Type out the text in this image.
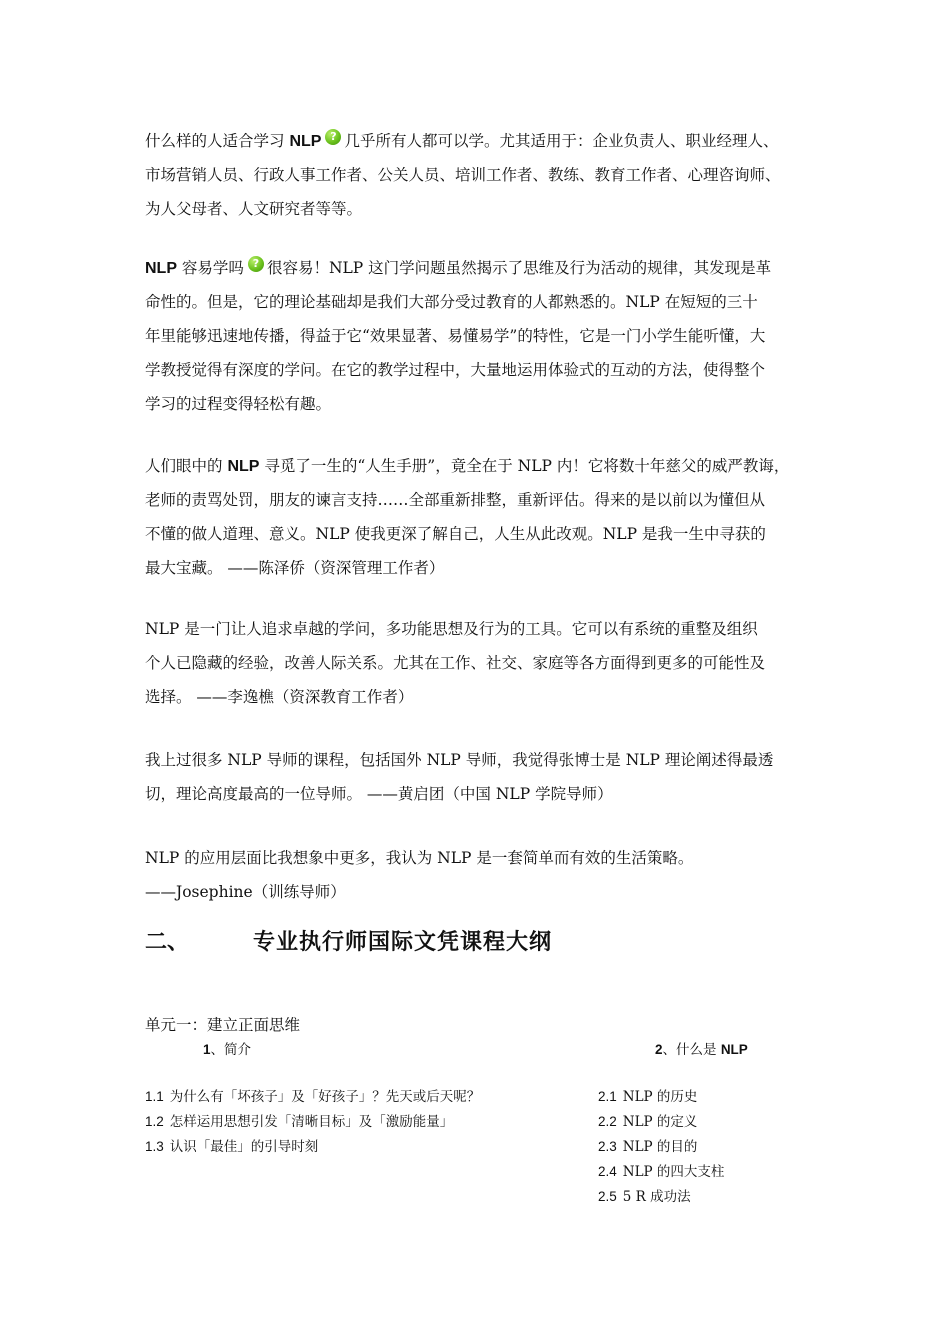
什么样的人适合学习 NLP ? 几乎所有人都可以学。尤其适用于：企业负责人、职业经理人、
市场营销人员、行政人事工作者、公关人员、培训工作者、教练、教育工作者、心理咨询师、
为人父母者、人文研究者等等。
NLP 容易学吗 ? 很容易！NLP 这门学问题虽然揭示了思维及行为活动的规律，其发现是革
命性的。但是，它的理论基础却是我们大部分受过教育的人都熟悉的。NLP 在短短的三十
年里能够迅速地传播，得益于它“效果显著、易懂易学”的特性，它是一门小学生能听懂，大
学教授觉得有深度的学问。在它的教学过程中，大量地运用体验式的互动的方法，使得整个
学习的过程变得轻松有趣。
人们眼中的 NLP 寻觅了一生的“人生手册”，竟全在于 NLP 内！它将数十年慈父的威严教诲，
老师的责骂处罚，朋友的谏言支持……全部重新排整，重新评估。得来的是以前以为懂但从
不懂的做人道理、意义。NLP 使我更深了解自己，人生从此改观。NLP 是我一生中寻获的
最大宝藏。 ——陈泽侨（资深管理工作者）
NLP 是一门让人追求卓越的学问，多功能思想及行为的工具。它可以有系统的重整及组织
个人已隐藏的经验，改善人际关系。尤其在工作、社交、家庭等各方面得到更多的可能性及
选择。 ——李逸樵（资深教育工作者）
我上过很多 NLP 导师的课程，包括国外 NLP 导师，我觉得张博士是 NLP 理论阐述得最透
切，理论高度最高的一位导师。 ——黄启团（中国 NLP 学院导师）
NLP 的应用层面比我想象中更多，我认为 NLP 是一套简单而有效的生活策略。
——Josephine（训练导师）
二、	专业执行师国际文凭课程大纲
单元一：建立正面思维
1、简介	2、什么是 NLP
1.1 为什么有「坏孩子」及「好孩子」？先天或后天呢？
1.2 怎样运用思想引发「清晰目标」及「激励能量」
1.3 认识「最佳」的引导时刻
2.1 NLP 的历史
2.2 NLP 的定义
2.3 NLP 的目的
2.4 NLP 的四大支柱
2.5 5 R 成功法
